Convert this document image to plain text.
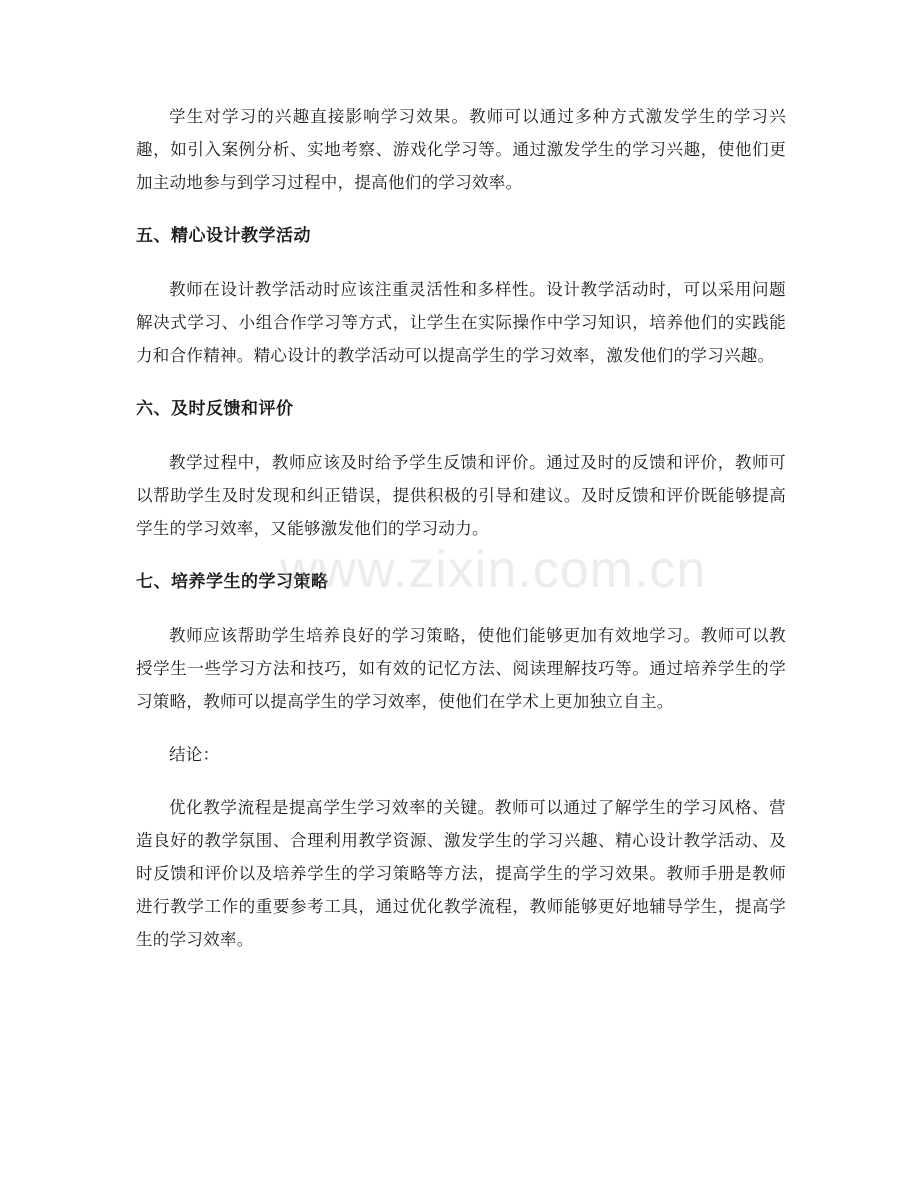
学生对学习的兴趣直接影响学习效果。教师可以通过多种方式激发学生的学习兴趣，如引入案例分析、实地考察、游戏化学习等。通过激发学生的学习兴趣，使他们更加主动地参与到学习过程中，提高他们的学习效率。

五、精心设计教学活动

教师在设计教学活动时应该注重灵活性和多样性。设计教学活动时，可以采用问题解决式学习、小组合作学习等方式，让学生在实际操作中学习知识，培养他们的实践能力和合作精神。精心设计的教学活动可以提高学生的学习效率，激发他们的学习兴趣。

六、及时反馈和评价

教学过程中，教师应该及时给予学生反馈和评价。通过及时的反馈和评价，教师可以帮助学生及时发现和纠正错误，提供积极的引导和建议。及时反馈和评价既能够提高学生的学习效率，又能够激发他们的学习动力。

七、培养学生的学习策略

教师应该帮助学生培养良好的学习策略，使他们能够更加有效地学习。教师可以教授学生一些学习方法和技巧，如有效的记忆方法、阅读理解技巧等。通过培养学生的学习策略，教师可以提高学生的学习效率，使他们在学术上更加独立自主。

结论：

优化教学流程是提高学生学习效率的关键。教师可以通过了解学生的学习风格、营造良好的教学氛围、合理利用教学资源、激发学生的学习兴趣、精心设计教学活动、及时反馈和评价以及培养学生的学习策略等方法，提高学生的学习效果。教师手册是教师进行教学工作的重要参考工具，通过优化教学流程，教师能够更好地辅导学生，提高学生的学习效率。

www.zixin.com.cn
